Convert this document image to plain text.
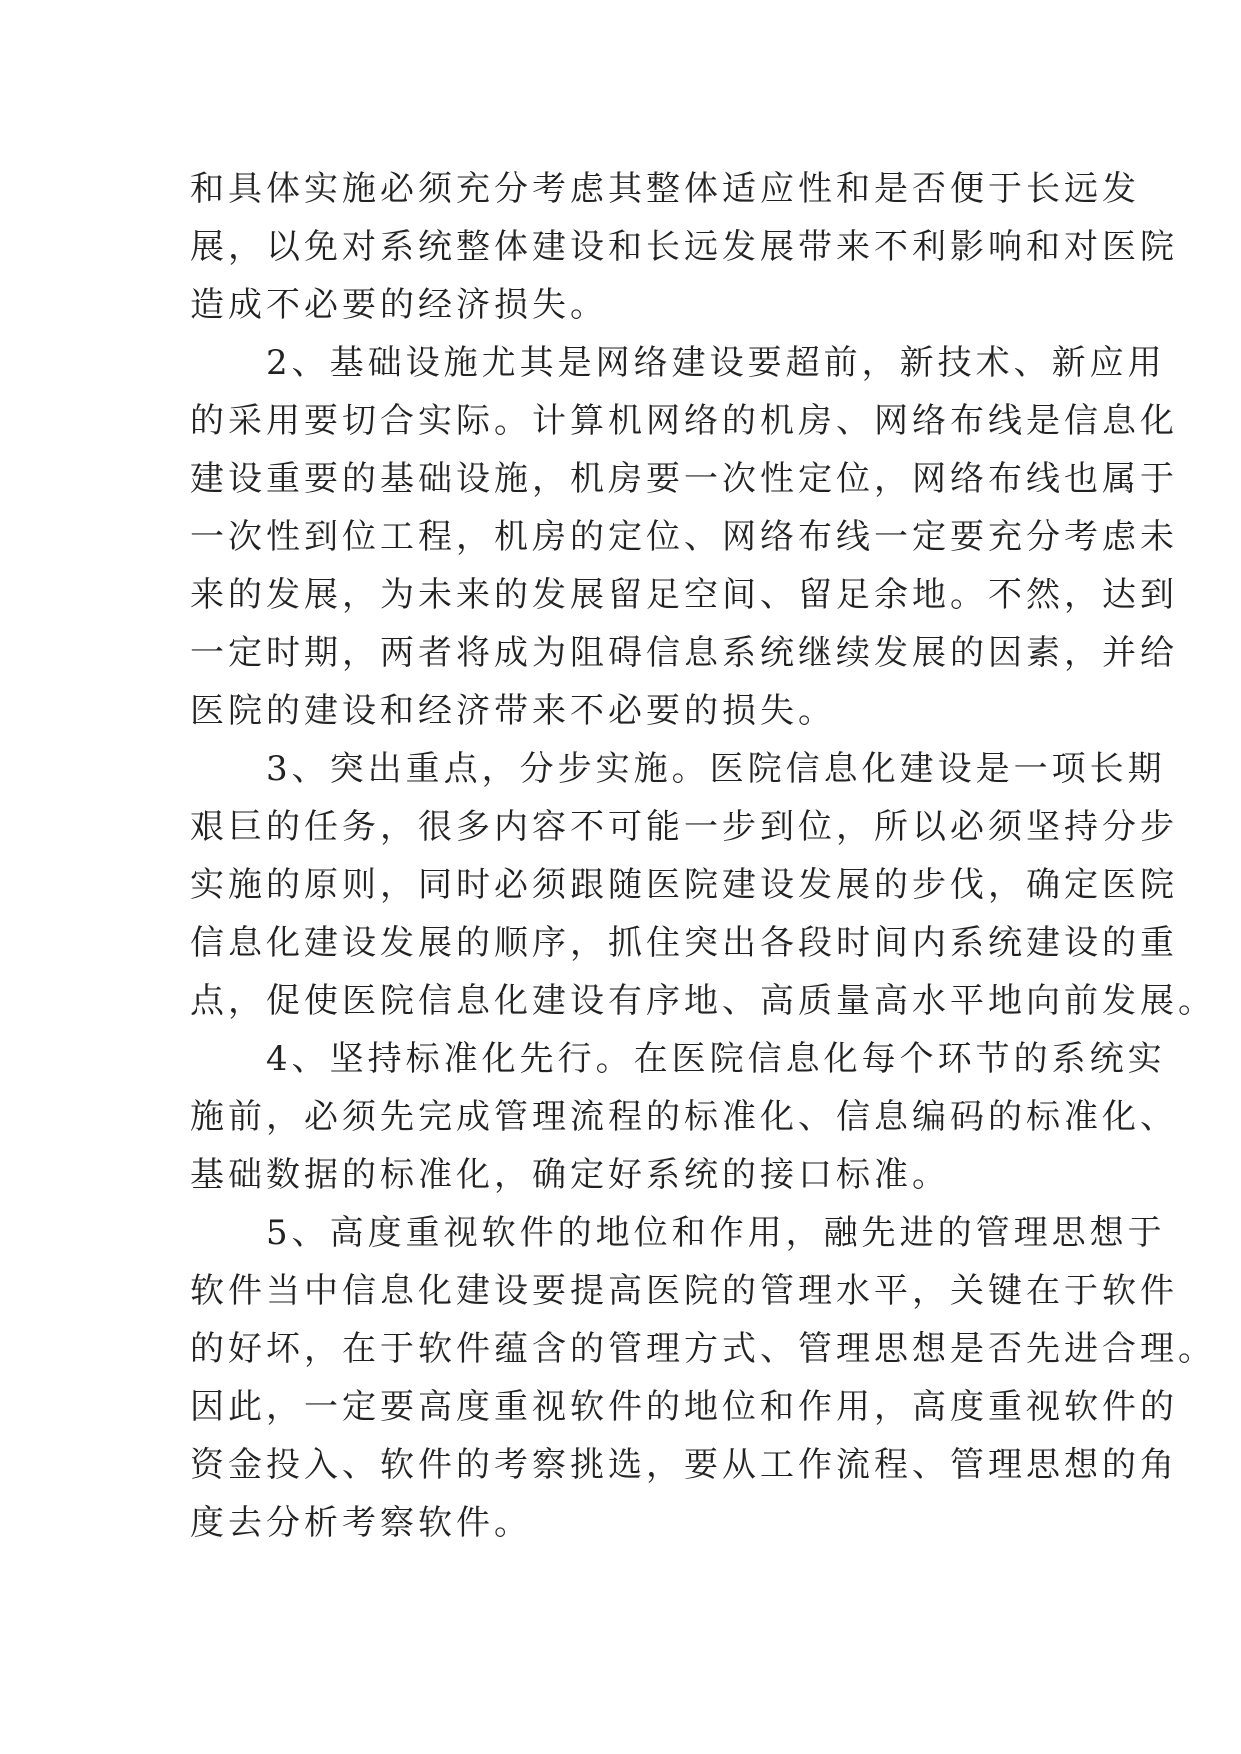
和具体实施必须充分考虑其整体适应性和是否便于长远发
展，以免对系统整体建设和长远发展带来不利影响和对医院
造成不必要的经济损失。
　　2、基础设施尤其是网络建设要超前，新技术、新应用
的采用要切合实际。计算机网络的机房、网络布线是信息化
建设重要的基础设施，机房要一次性定位，网络布线也属于
一次性到位工程，机房的定位、网络布线一定要充分考虑未
来的发展，为未来的发展留足空间、留足余地。不然，达到
一定时期，两者将成为阻碍信息系统继续发展的因素，并给
医院的建设和经济带来不必要的损失。
　　3、突出重点，分步实施。医院信息化建设是一项长期
艰巨的任务，很多内容不可能一步到位，所以必须坚持分步
实施的原则，同时必须跟随医院建设发展的步伐，确定医院
信息化建设发展的顺序，抓住突出各段时间内系统建设的重
点，促使医院信息化建设有序地、高质量高水平地向前发展。
　　4、坚持标准化先行。在医院信息化每个环节的系统实
施前，必须先完成管理流程的标准化、信息编码的标准化、
基础数据的标准化，确定好系统的接口标准。
　　5、高度重视软件的地位和作用，融先进的管理思想于
软件当中信息化建设要提高医院的管理水平，关键在于软件
的好坏，在于软件蕴含的管理方式、管理思想是否先进合理。
因此，一定要高度重视软件的地位和作用，高度重视软件的
资金投入、软件的考察挑选，要从工作流程、管理思想的角
度去分析考察软件。
